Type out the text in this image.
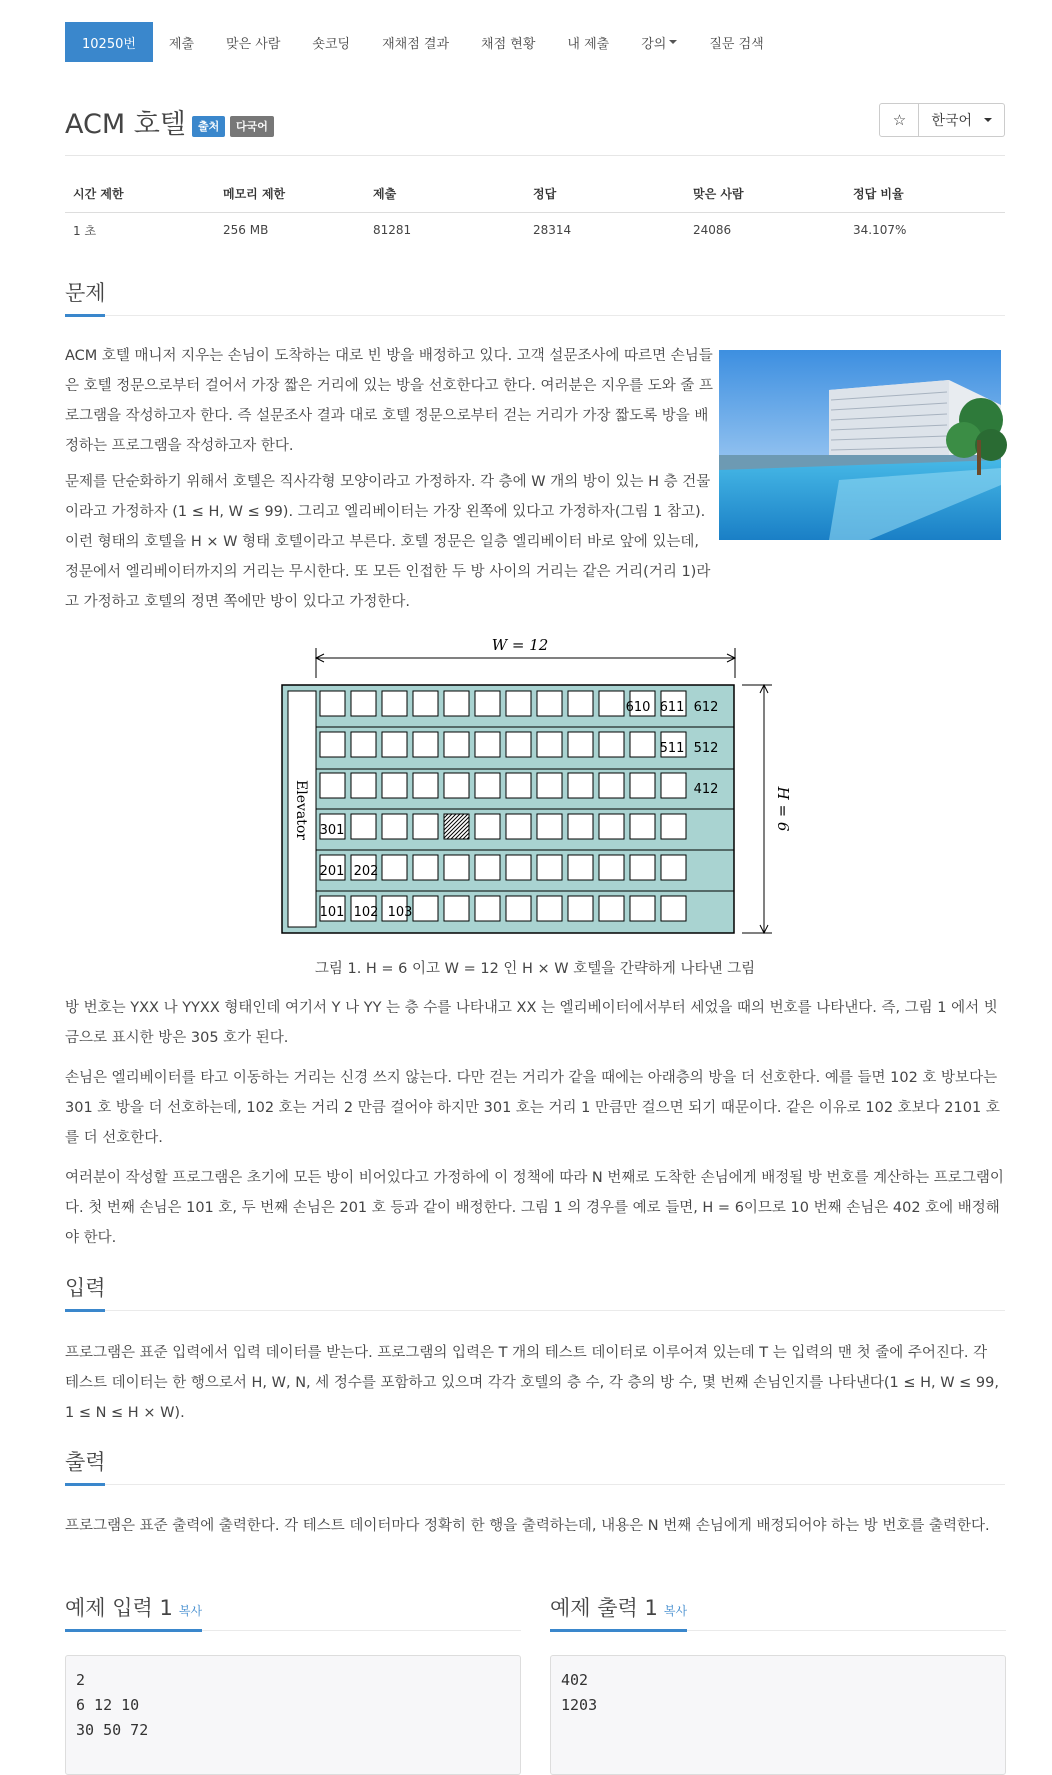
10250번	제출	맞은 사람	숏코딩	재채점 결과	채점 현황	내 제출	강의	질문 검색
ACM 호텔	출처	다국어	☆ 한국어
시간 제한	메모리 제한	제출	정답	맞은 사람	정답 비율
1 초	256 MB	81281	28314	24086	34.107%
문제

ACM 호텔 매니저 지우는 손님이 도착하는 대로 빈 방을 배정하고 있다. 고객 설문조사에 따르면 손님들은 호텔 정문으로부터 걸어서 가장 짧은 거리에 있는 방을 선호한다고 한다. 여러분은 지우를 도와 줄 프로그램을 작성하고자 한다. 즉 설문조사 결과 대로 호텔 정문으로부터 걷는 거리가 가장 짧도록 방을 배정하는 프로그램을 작성하고자 한다.

문제를 단순화하기 위해서 호텔은 직사각형 모양이라고 가정하자. 각 층에 W 개의 방이 있는 H 층 건물이라고 가정하자 (1 ≤ H, W ≤ 99). 그리고 엘리베이터는 가장 왼쪽에 있다고 가정하자(그림 1 참고). 이런 형태의 호텔을 H × W 형태 호텔이라고 부른다. 호텔 정문은 일층 엘리베이터 바로 앞에 있는데, 정문에서 엘리베이터까지의 거리는 무시한다. 또 모든 인접한 두 방 사이의 거리는 같은 거리(거리 1)라고 가정하고 호텔의 정면 쪽에만 방이 있다고 가정한다.

W = 12
H = 6
Elevator
610 611 612
511 512
412
301
201 202
101 102 103
그림 1. H = 6 이고 W = 12 인 H × W 호텔을 간략하게 나타낸 그림

방 번호는 YXX 나 YYXX 형태인데 여기서 Y 나 YY 는 층 수를 나타내고 XX 는 엘리베이터에서부터 세었을 때의 번호를 나타낸다. 즉, 그림 1 에서 빗금으로 표시한 방은 305 호가 된다.

손님은 엘리베이터를 타고 이동하는 거리는 신경 쓰지 않는다. 다만 걷는 거리가 같을 때에는 아래층의 방을 더 선호한다. 예를 들면 102 호 방보다는 301 호 방을 더 선호하는데, 102 호는 거리 2 만큼 걸어야 하지만 301 호는 거리 1 만큼만 걸으면 되기 때문이다. 같은 이유로 102 호보다 2101 호를 더 선호한다.

여러분이 작성할 프로그램은 초기에 모든 방이 비어있다고 가정하에 이 정책에 따라 N 번째로 도착한 손님에게 배정될 방 번호를 계산하는 프로그램이다. 첫 번째 손님은 101 호, 두 번째 손님은 201 호 등과 같이 배정한다. 그림 1 의 경우를 예로 들면, H = 6이므로 10 번째 손님은 402 호에 배정해야 한다.

입력

프로그램은 표준 입력에서 입력 데이터를 받는다. 프로그램의 입력은 T 개의 테스트 데이터로 이루어져 있는데 T 는 입력의 맨 첫 줄에 주어진다. 각 테스트 데이터는 한 행으로서 H, W, N, 세 정수를 포함하고 있으며 각각 호텔의 층 수, 각 층의 방 수, 몇 번째 손님인지를 나타낸다(1 ≤ H, W ≤ 99, 1 ≤ N ≤ H × W).

출력

프로그램은 표준 출력에 출력한다. 각 테스트 데이터마다 정확히 한 행을 출력하는데, 내용은 N 번째 손님에게 배정되어야 하는 방 번호를 출력한다.

예제 입력 1 복사
2
6 12 10
30 50 72
예제 출력 1 복사
402
1203
